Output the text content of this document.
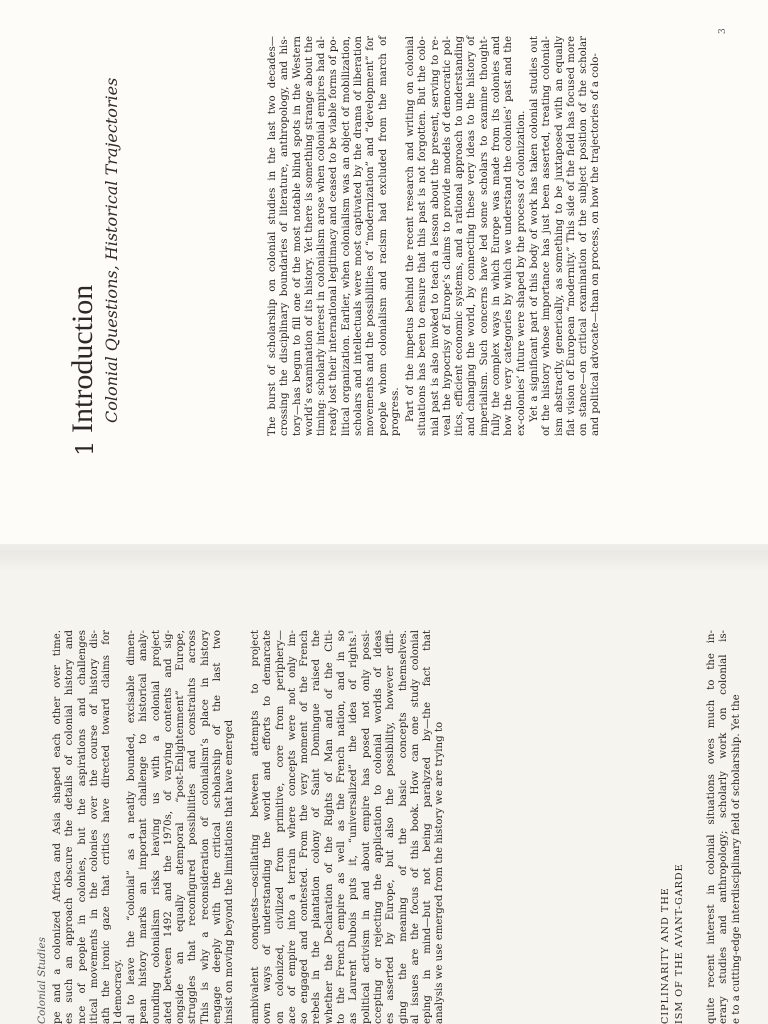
Colonial Studies pe and a colonized Africa and Asia shaped each other over time. es such an approach obscure the details of colonial history and nce of people in colonies, but the aspirations and challenges itical movements in the colonies over the course of history dis- ath the ironic gaze that critics have directed toward claims for l democracy. al to leave the “colonial” as a neatly bounded, excisable dimen- pean history marks an important challenge to historical analy- ounding colonialism risks leaving us with a colonial project ated between 1492 and the 1970s, of varying contents and sig- ongside an equally atemporal “post-Enlightenment” Europe, struggles that reconfigured possibilities and constraints across This is why a reconsideration of colonialism’s place in history engage deeply with the critical scholarship of the last two insist on moving beyond the limitations that have emerged ambivalent conquests—oscillating between attempts to project own ways of understanding the world and efforts to demarcate on colonized, civilized from primitive, core from periphery— ace of empire into a terrain where concepts were not only im- so engaged and contested. From the very moment of the French rebels in the plantation colony of Saint Domingue raised the whether the Declaration of the Rights of Man and of the Citi- to the French empire as well as the French nation, and in so as Laurent Dubois puts it, “universalized” the idea of rights.¹ political activism in and about empire has posed not only possi- ccepting or rejecting the application to colonial worlds of ideas es asserted by Europe, but also the possibility, however diffi- ging the meaning of the basic concepts themselves. al issues are the focus of this book. How can one study colonial eping in mind—but not being paralyzed by—the fact that analysis we use emerged from the history we are trying to	CIPLINARITY AND THE ISM OF THE AVANT-GARDE quite recent interest in colonial situations owes much to the in- erary studies and anthropology; scholarly work on colonial is- e to a cutting-edge interdisciplinary field of scholarship. Yet the
1
Introduction Colonial Questions, Historical Trajectories	The burst of scholarship on colonial studies in the last two decades— crossing the disciplinary boundaries of literature, anthropology, and his- tory—has begun to fill one of the most notable blind spots in the Western world’s examination of its history. Yet there is something strange about the timing: scholarly interest in colonialism arose when colonial empires had al- ready lost their international legitimacy and ceased to be viable forms of po- litical organization. Earlier, when colonialism was an object of mobilization, scholars and intellectuals were most captivated by the drama of liberation movements and the possibilities of “modernization” and “development” for people whom colonialism and racism had excluded from the march of progress. Part of the impetus behind the recent research and writing on colonial situations has been to ensure that this past is not forgotten. But the colo- nial past is also invoked to teach a lesson about the present, serving to re- veal the hypocrisy of Europe’s claims to provide models of democratic pol- itics, efficient economic systems, and a rational approach to understanding and changing the world, by connecting these very ideas to the history of imperialism. Such concerns have led some scholars to examine thought- fully the complex ways in which Europe was made from its colonies and how the very categories by which we understand the colonies’ past and the ex-colonies’ future were shaped by the process of colonization. Yet a significant part of this body of work has taken colonial studies out of the history whose importance has just been asserted, treating colonial- ism abstractly, generically, as something to be juxtaposed with an equally flat vision of European “modernity.” This side of the field has focused more on stance—on critical examination of the subject position of the scholar and political advocate—than on process, on how the trajectories of a colo-
3
